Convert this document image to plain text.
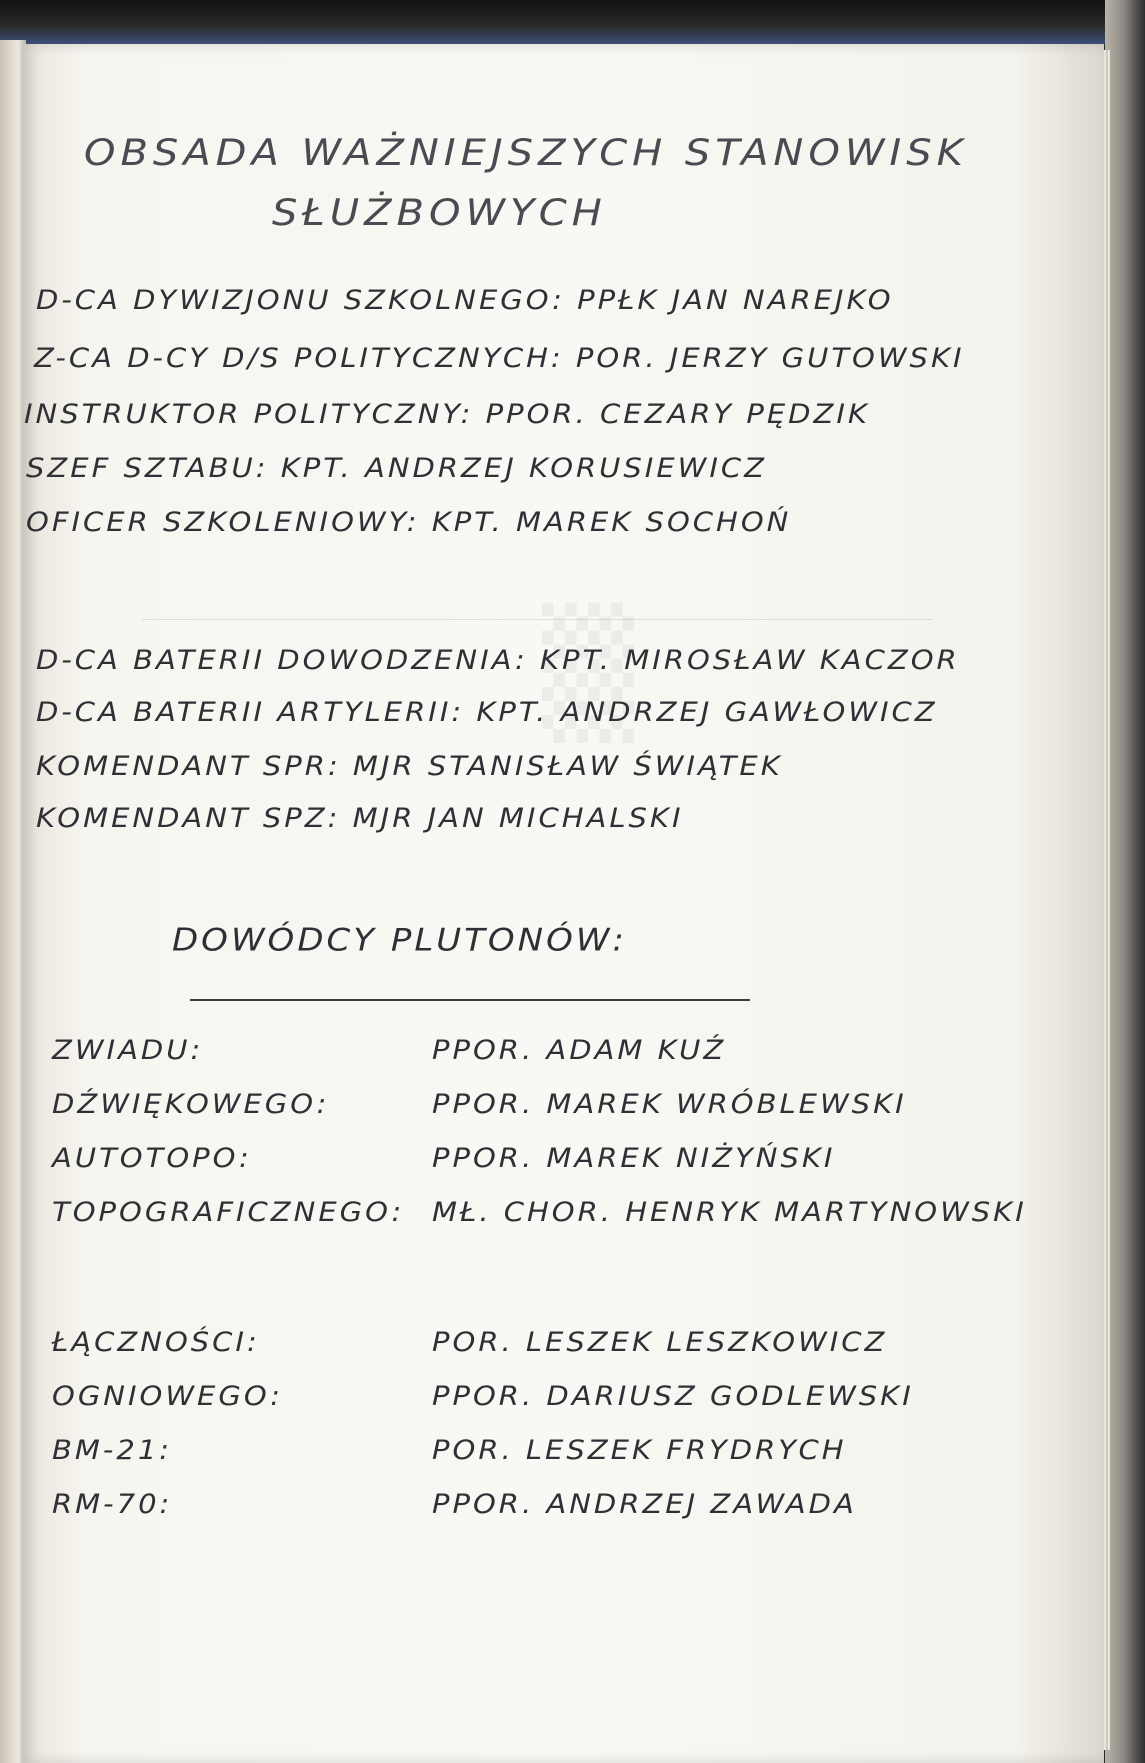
▒
OBSADA WAŻNIEJSZYCH STANOWISK
SŁUŻBOWYCH
D-CA DYWIZJONU SZKOLNEGO: PPŁK JAN NAREJKO
Z-CA D-CY D/S POLITYCZNYCH: POR. JERZY GUTOWSKI
INSTRUKTOR POLITYCZNY: PPOR. CEZARY PĘDZIK
SZEF SZTABU: KPT. ANDRZEJ KORUSIEWICZ
OFICER SZKOLENIOWY: KPT. MAREK SOCHOŃ
D-CA BATERII DOWODZENIA: KPT. MIROSŁAW KACZOR
D-CA BATERII ARTYLERII: KPT. ANDRZEJ GAWŁOWICZ
KOMENDANT SPR: MJR STANISŁAW ŚWIĄTEK
KOMENDANT SPZ: MJR JAN MICHALSKI
DOWÓDCY PLUTONÓW:
ZWIADU:	PPOR. ADAM KUŹ
DŹWIĘKOWEGO:	PPOR. MAREK WRÓBLEWSKI
AUTOTOPO:	PPOR. MAREK NIŻYŃSKI
TOPOGRAFICZNEGO: MŁ. CHOR. HENRYK MARTYNOWSKI
ŁĄCZNOŚCI:	POR. LESZEK LESZKOWICZ
OGNIOWEGO:	PPOR. DARIUSZ GODLEWSKI
BM-21:	POR. LESZEK FRYDRYCH
RM-70:	PPOR. ANDRZEJ ZAWADA
